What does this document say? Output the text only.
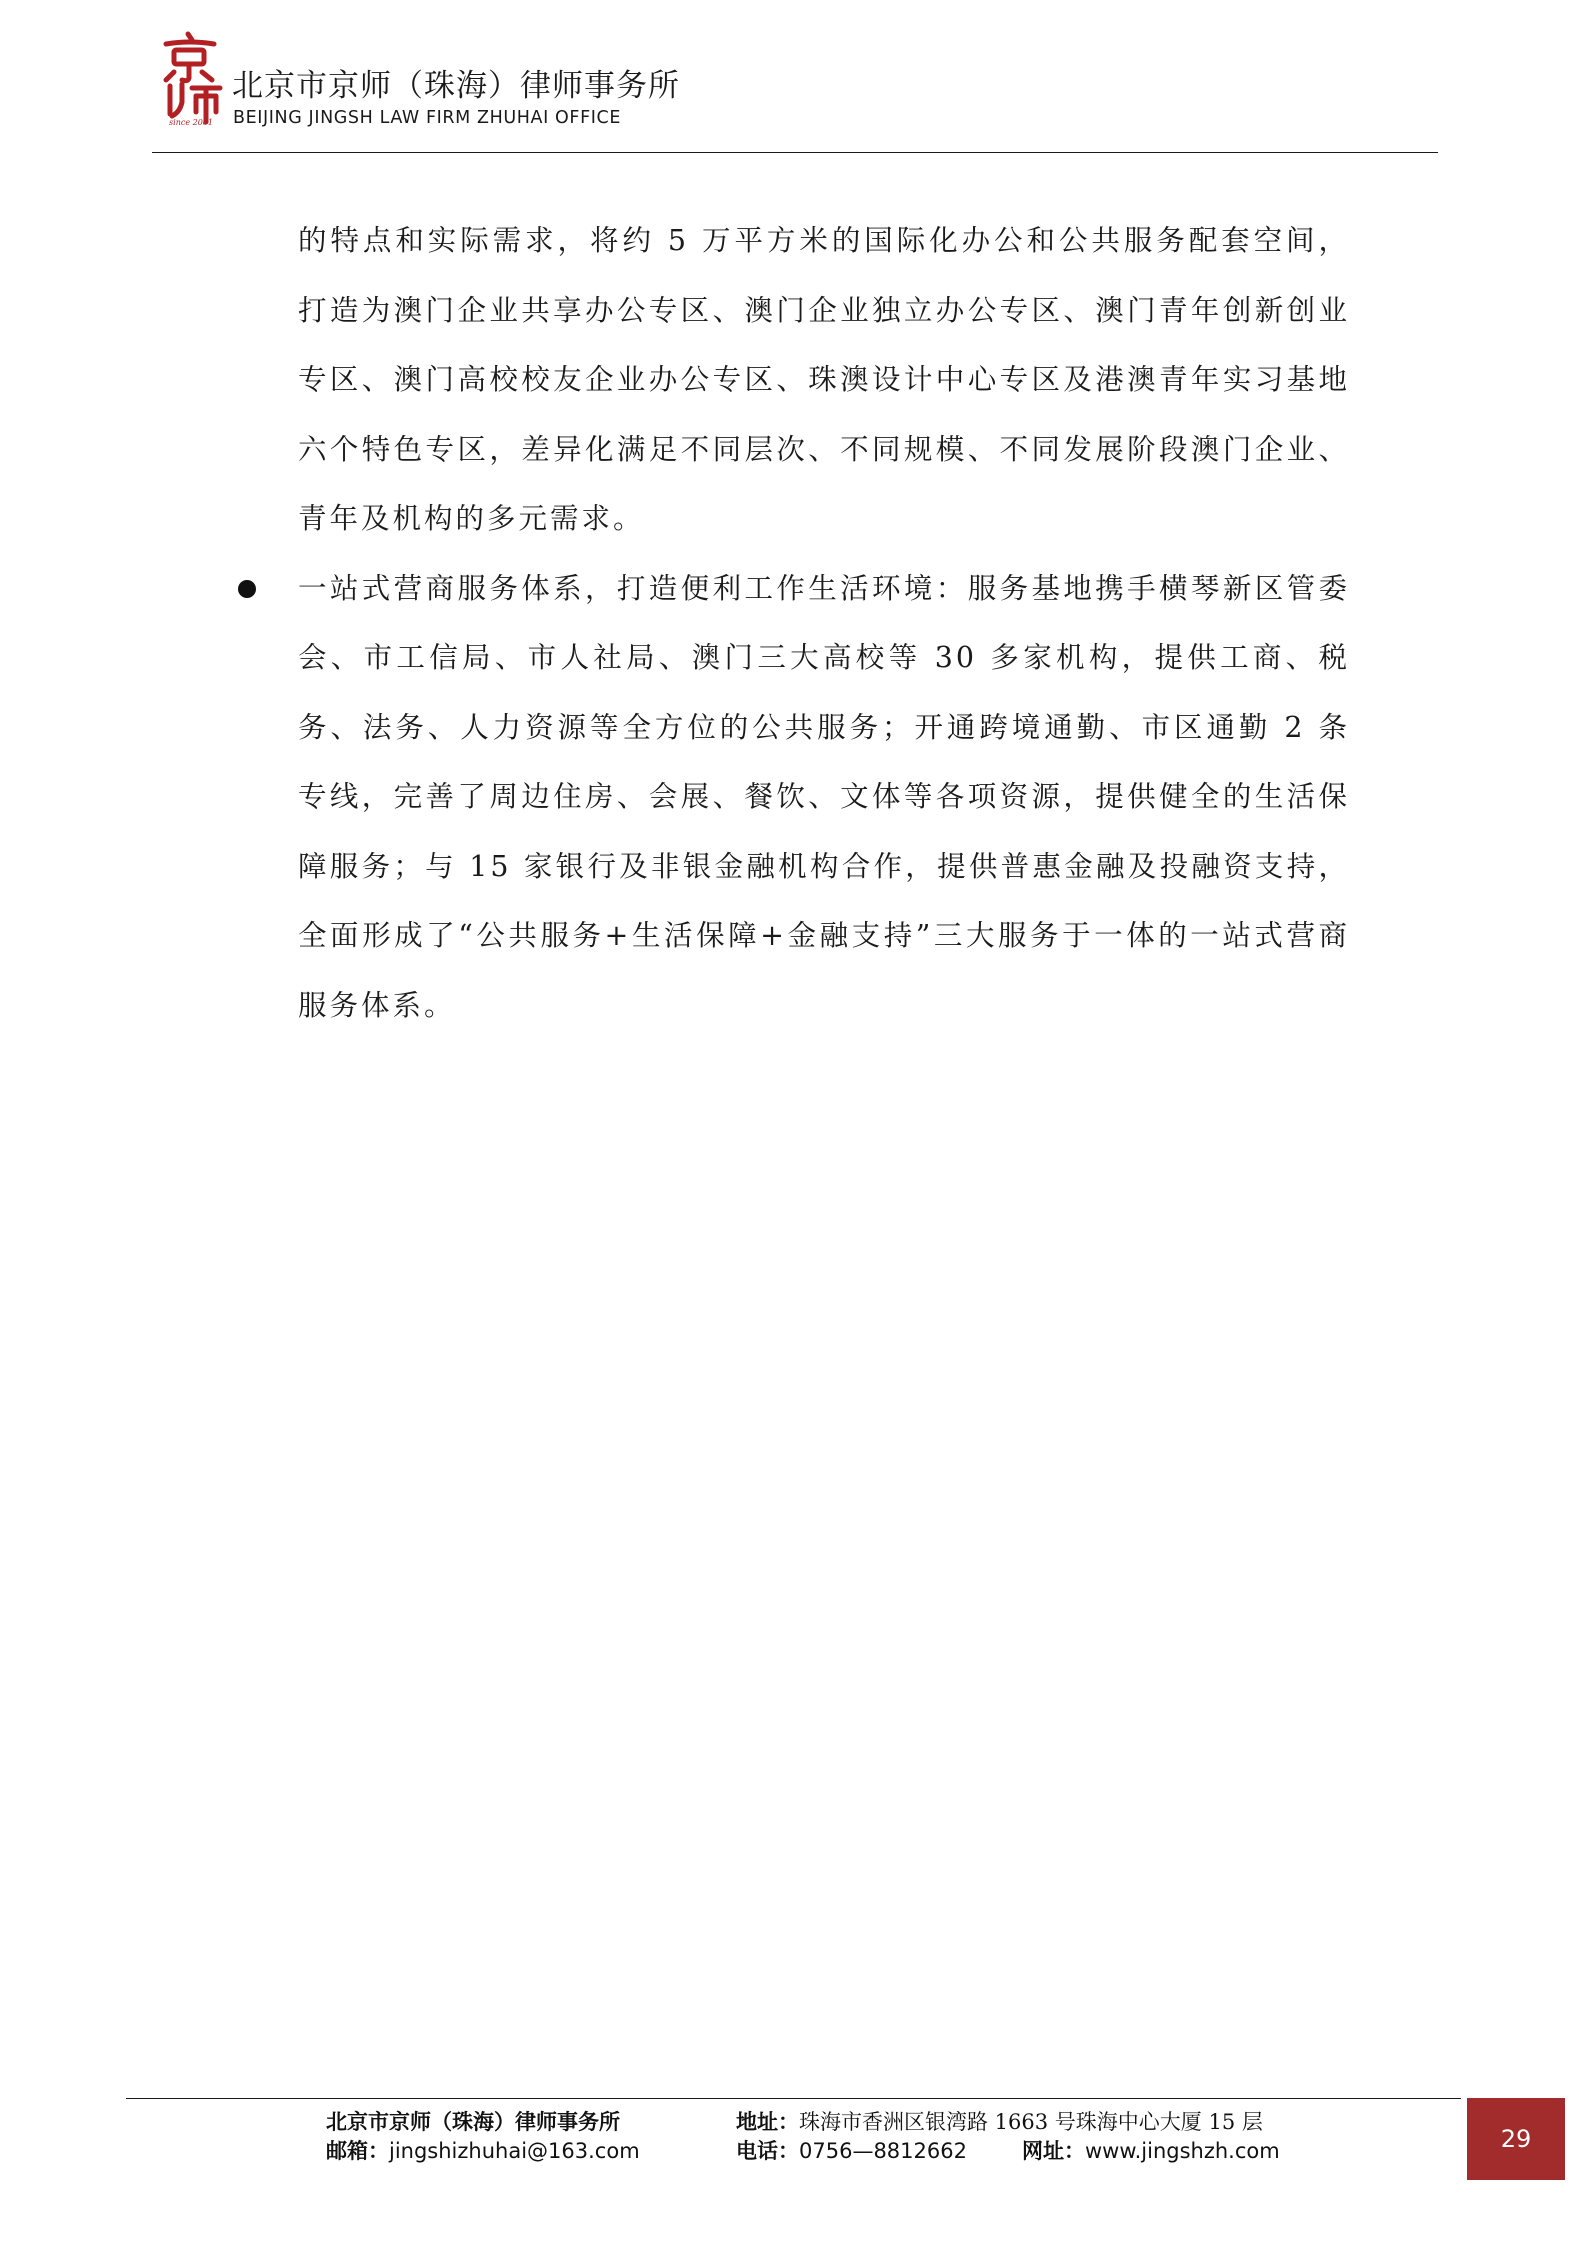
since 2001
北京市京师（珠海）律师事务所
BEIJING JINGSH LAW FIRM ZHUHAI OFFICE

的特点和实际需求，将约 5 万平方米的国际化办公和公共服务配套空间，打造为澳门企业共享办公专区、澳门企业独立办公专区、澳门青年创新创业专区、澳门高校校友企业办公专区、珠澳设计中心专区及港澳青年实习基地六个特色专区，差异化满足不同层次、不同规模、不同发展阶段澳门企业、青年及机构的多元需求。

一站式营商服务体系，打造便利工作生活环境：服务基地携手横琴新区管委会、市工信局、市人社局、澳门三大高校等 30 多家机构，提供工商、税务、法务、人力资源等全方位的公共服务；开通跨境通勤、市区通勤 2 条专线，完善了周边住房、会展、餐饮、文体等各项资源，提供健全的生活保障服务；与 15 家银行及非银金融机构合作，提供普惠金融及投融资支持，全面形成了“公共服务+生活保障+金融支持”三大服务于一体的一站式营商服务体系。

北京市京师（珠海）律师事务所	地址：珠海市香洲区银湾路 1663 号珠海中心大厦 15 层
邮箱：jingshizhuhai@163.com	电话：0756—8812662	网址：www.jingshzh.com	29
